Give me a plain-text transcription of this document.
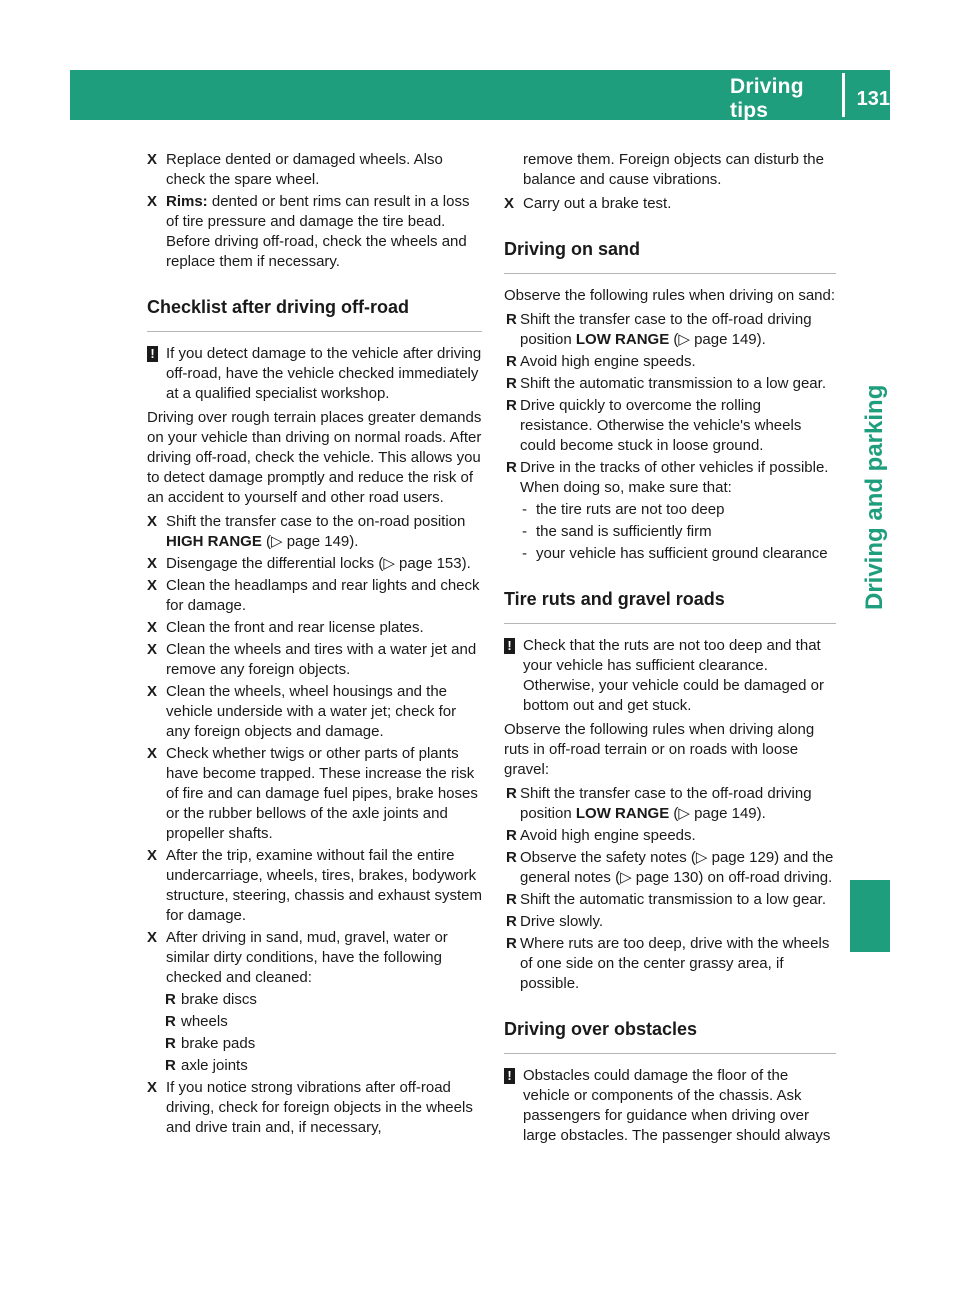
Driving tips
131
Driving and parking
X Replace dented or damaged wheels. Also check the spare wheel.
X Rims: dented or bent rims can result in a loss of tire pressure and damage the tire bead. Before driving off-road, check the wheels and replace them if necessary.
Checklist after driving off-road
! If you detect damage to the vehicle after driving off-road, have the vehicle checked immediately at a qualified specialist workshop.

Driving over rough terrain places greater demands on your vehicle than driving on normal roads. After driving off-road, check the vehicle. This allows you to detect damage promptly and reduce the risk of an accident to yourself and other road users.

X Shift the transfer case to the on-road position HIGH RANGE (▷ page 149).
X Disengage the differential locks (▷ page 153).
X Clean the headlamps and rear lights and check for damage.
X Clean the front and rear license plates.
X Clean the wheels and tires with a water jet and remove any foreign objects.
X Clean the wheels, wheel housings and the vehicle underside with a water jet; check for any foreign objects and damage.
X Check whether twigs or other parts of plants have become trapped. These increase the risk of fire and can damage fuel pipes, brake hoses or the rubber bellows of the axle joints and propeller shafts.
X After the trip, examine without fail the entire undercarriage, wheels, tires, brakes, bodywork structure, steering, chassis and exhaust system for damage.
X After driving in sand, mud, gravel, water or similar dirty conditions, have the following checked and cleaned:
R brake discs
R wheels
R brake pads
R axle joints
X If you notice strong vibrations after off-road driving, check for foreign objects in the wheels and drive train and, if necessary,

remove them. Foreign objects can disturb the balance and cause vibrations.

X Carry out a brake test.
Driving on sand

Observe the following rules when driving on sand:

R Shift the transfer case to the off-road driving position LOW RANGE (▷ page 149).
R Avoid high engine speeds.
R Shift the automatic transmission to a low gear.
R Drive quickly to overcome the rolling resistance. Otherwise the vehicle's wheels could become stuck in loose ground.
R Drive in the tracks of other vehicles if possible. When doing so, make sure that:
- the tire ruts are not too deep
- the sand is sufficiently firm
- your vehicle has sufficient ground clearance
Tire ruts and gravel roads
! Check that the ruts are not too deep and that your vehicle has sufficient clearance. Otherwise, your vehicle could be damaged or bottom out and get stuck.

Observe the following rules when driving along ruts in off-road terrain or on roads with loose gravel:

R Shift the transfer case to the off-road driving position LOW RANGE (▷ page 149).
R Avoid high engine speeds.
R Observe the safety notes (▷ page 129) and the general notes (▷ page 130) on off-road driving.
R Shift the automatic transmission to a low gear.
R Drive slowly.
R Where ruts are too deep, drive with the wheels of one side on the center grassy area, if possible.
Driving over obstacles
! Obstacles could damage the floor of the vehicle or components of the chassis. Ask passengers for guidance when driving over large obstacles. The passenger should always
